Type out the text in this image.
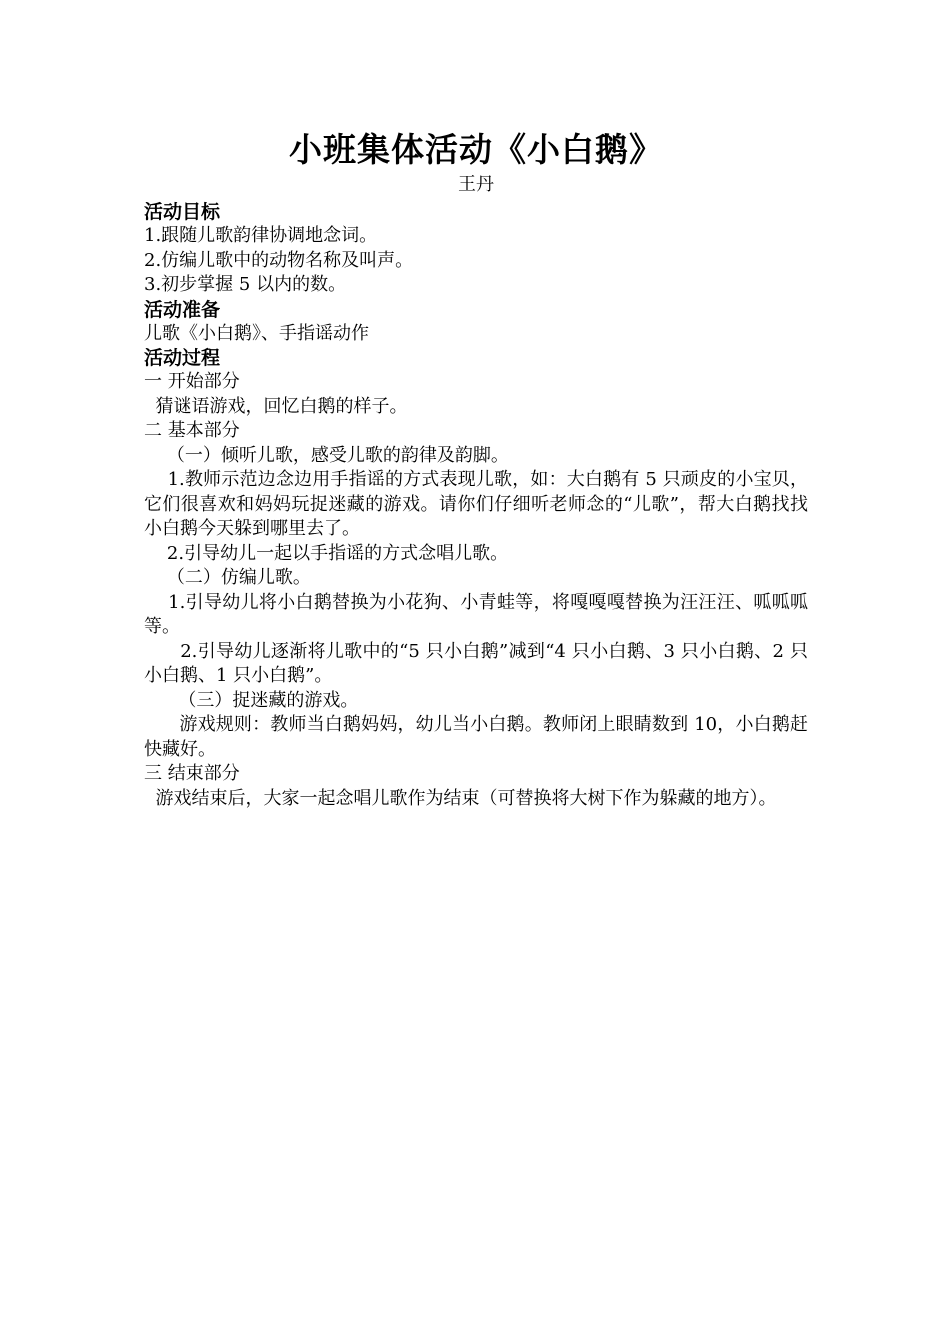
小班集体活动《小白鹅》

王丹

活动目标

1.跟随儿歌韵律协调地念词。

2.仿编儿歌中的动物名称及叫声。

3.初步掌握 5 以内的数。

活动准备

儿歌《小白鹅》、手指谣动作

活动过程

一 开始部分

猜谜语游戏，回忆白鹅的样子。

二 基本部分

（一）倾听儿歌，感受儿歌的韵律及韵脚。

1.教师示范边念边用手指谣的方式表现儿歌，如：大白鹅有 5 只顽皮的小宝贝，它们很喜欢和妈妈玩捉迷藏的游戏。请你们仔细听老师念的“儿歌”，帮大白鹅找找小白鹅今天躲到哪里去了。

2.引导幼儿一起以手指谣的方式念唱儿歌。

（二）仿编儿歌。

1.引导幼儿将小白鹅替换为小花狗、小青蛙等，将嘎嘎嘎替换为汪汪汪、呱呱呱等。

2.引导幼儿逐渐将儿歌中的“5 只小白鹅”减到“4 只小白鹅、3 只小白鹅、2 只小白鹅、1 只小白鹅”。

（三）捉迷藏的游戏。

游戏规则：教师当白鹅妈妈，幼儿当小白鹅。教师闭上眼睛数到 10，小白鹅赶快藏好。

三 结束部分

游戏结束后，大家一起念唱儿歌作为结束（可替换将大树下作为躲藏的地方）。
